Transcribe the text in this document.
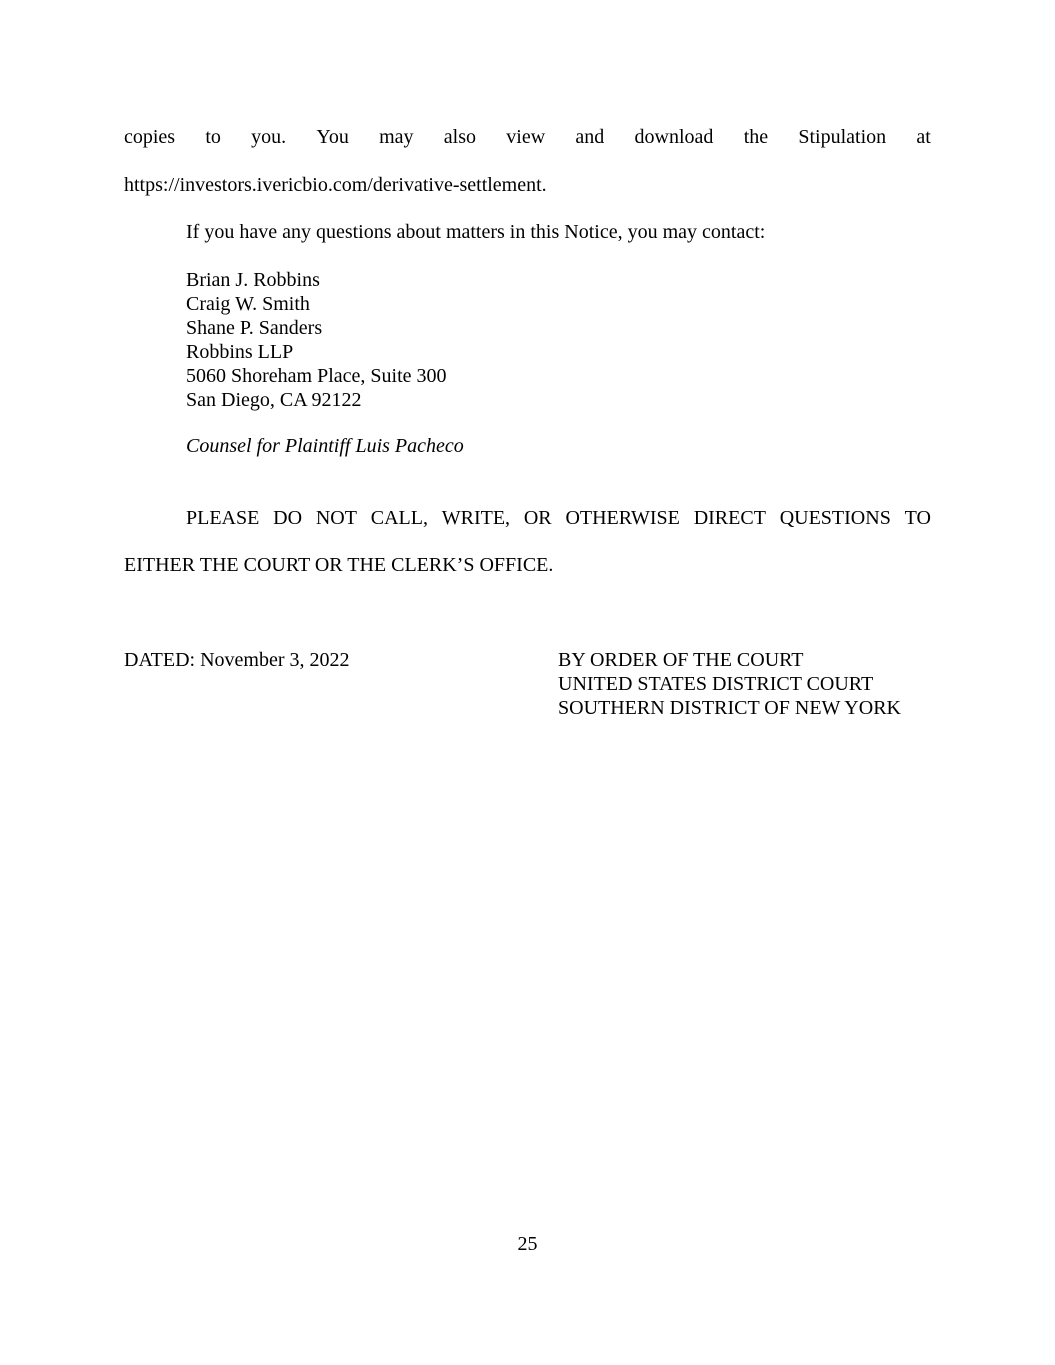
copies to you. You may also view and download the Stipulation at
https://investors.ivericbio.com/derivative-settlement.
If you have any questions about matters in this Notice, you may contact:
Brian J. Robbins
Craig W. Smith
Shane P. Sanders
Robbins LLP
5060 Shoreham Place, Suite 300
San Diego, CA 92122
Counsel for Plaintiff Luis Pacheco
PLEASE DO NOT CALL, WRITE, OR OTHERWISE DIRECT QUESTIONS TO
EITHER THE COURT OR THE CLERK’S OFFICE.
DATED: November 3, 2022	BY ORDER OF THE COURT
UNITED STATES DISTRICT COURT
SOUTHERN DISTRICT OF NEW YORK
25
